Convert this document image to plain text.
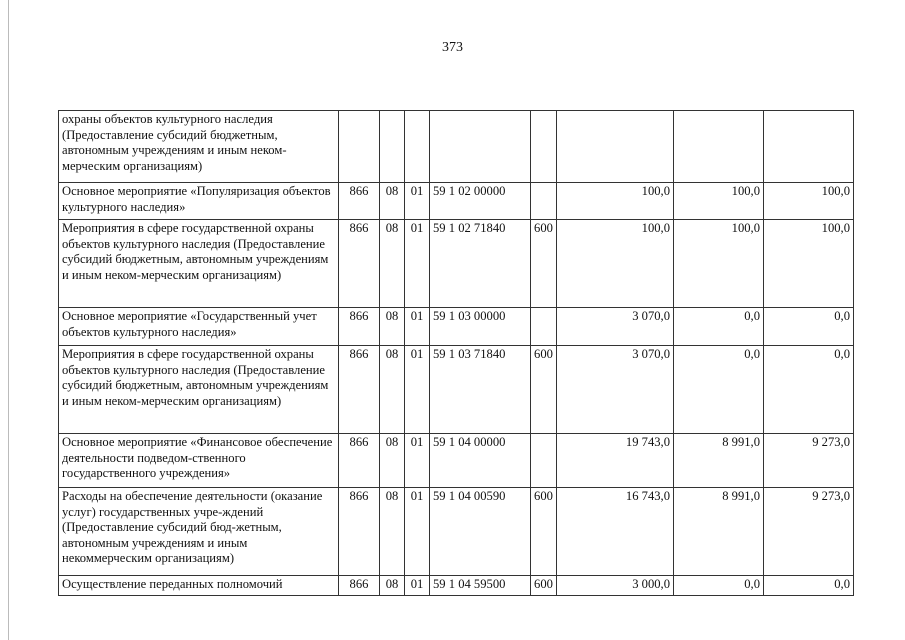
373
охраны объектов культурного наследия (Предоставление субсидий бюджетным, автономным учреждениям и иным неком-мерческим организациям)								
Основное мероприятие «Популяризация объектов культурного наследия»	866	08	01	59 1 02 00000		100,0	100,0	100,0
Мероприятия в сфере государственной охраны объектов культурного наследия (Предоставление субсидий бюджетным, автономным учреждениям и иным неком-мерческим организациям)	866	08	01	59 1 02 71840	600	100,0	100,0	100,0
Основное мероприятие «Государственный учет объектов культурного наследия»	866	08	01	59 1 03 00000		3 070,0	0,0	0,0
Мероприятия в сфере государственной охраны объектов культурного наследия (Предоставление субсидий бюджетным, автономным учреждениям и иным неком-мерческим организациям)	866	08	01	59 1 03 71840	600	3 070,0	0,0	0,0
Основное мероприятие «Финансовое обеспечение деятельности подведом-ственного государственного учреждения»	866	08	01	59 1 04 00000		19 743,0	8 991,0	9 273,0
Расходы на обеспечение деятельности (оказание услуг) государственных учре-ждений (Предоставление субсидий бюд-жетным, автономным учреждениям и иным некоммерческим организациям)	866	08	01	59 1 04 00590	600	16 743,0	8 991,0	9 273,0
Осуществление переданных полномочий	866	08	01	59 1 04 59500	600	3 000,0	0,0	0,0
